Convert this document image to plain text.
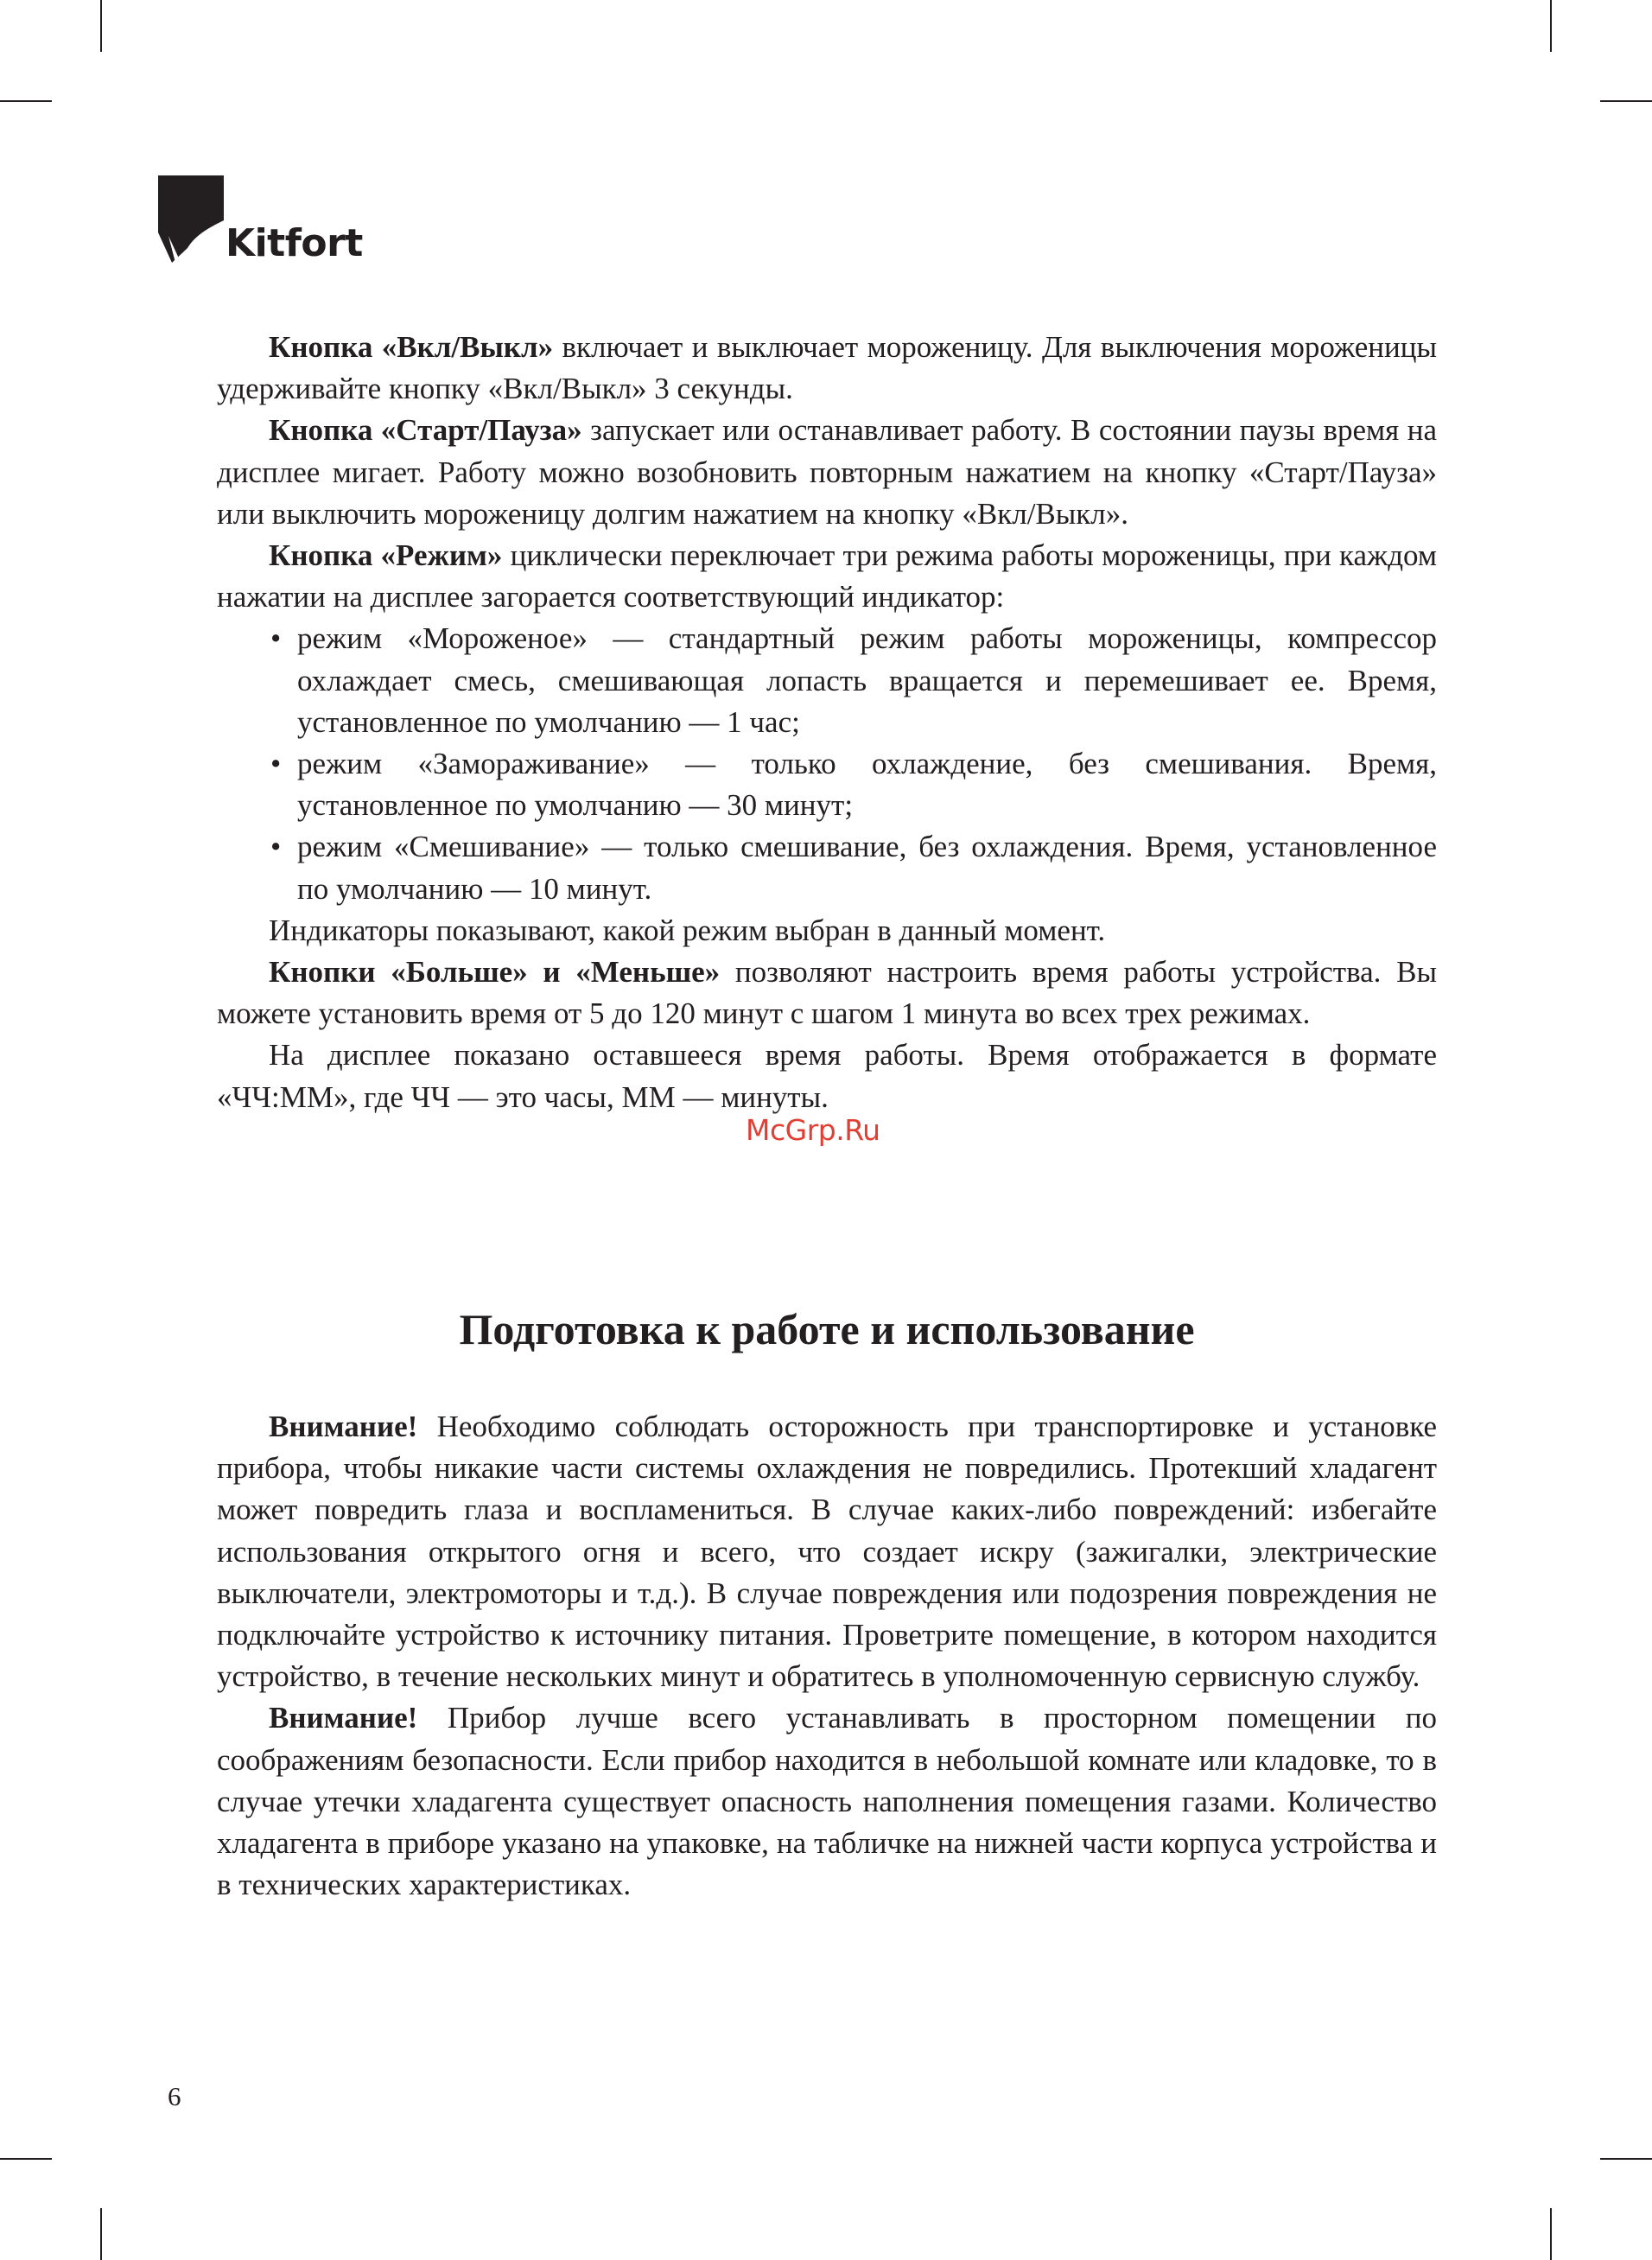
Kitfort

Кнопка «Вкл/Выкл» включает и выключает мороженицу. Для выключения мороженицы удерживайте кнопку «Вкл/Выкл» 3 секунды.

Кнопка «Старт/Пауза» запускает или останавливает работу. В состоянии паузы время на дисплее мигает. Работу можно возобновить повторным нажатием на кнопку «Старт/Пауза» или выключить мороженицу долгим нажатием на кнопку «Вкл/Выкл».

Кнопка «Режим» циклически переключает три режима работы мороженицы, при каждом нажатии на дисплее загорается соответствующий индикатор:

• режим «Мороженое» — стандартный режим работы мороженицы, компрессор охлаждает смесь, смешивающая лопасть вращается и перемешивает ее. Время, установленное по умолчанию — 1 час;
• режим «Замораживание» — только охлаждение, без смешивания. Время, установленное по умолчанию — 30 минут;
• режим «Смешивание» — только смешивание, без охлаждения. Время, установленное по умолчанию — 10 минут.

Индикаторы показывают, какой режим выбран в данный момент.

Кнопки «Больше» и «Меньше» позволяют настроить время работы устройства. Вы можете установить время от 5 до 120 минут с шагом 1 минута во всех трех режимах.

На дисплее показано оставшееся время работы. Время отображается в формате «ЧЧ:ММ», где ЧЧ — это часы, ММ — минуты.

McGrp.Ru
Подготовка к работе и использование

Внимание! Необходимо соблюдать осторожность при транспортировке и установке прибора, чтобы никакие части системы охлаждения не повредились. Протекший хладагент может повредить глаза и воспламениться. В случае каких-либо повреждений: избегайте использования открытого огня и всего, что создает искру (зажигалки, электрические выключатели, электромоторы и т.д.). В случае повреждения или подозрения повреждения не подключайте устройство к источнику питания. Проветрите помещение, в котором находится устройство, в течение нескольких минут и обратитесь в уполномоченную сервисную службу.

Внимание! Прибор лучше всего устанавливать в просторном помещении по соображениям безопасности. Если прибор находится в небольшой комнате или кладовке, то в случае утечки хладагента существует опасность наполнения помещения газами. Количество хладагента в приборе указано на упаковке, на табличке на нижней части корпуса устройства и в технических характеристиках.

6
